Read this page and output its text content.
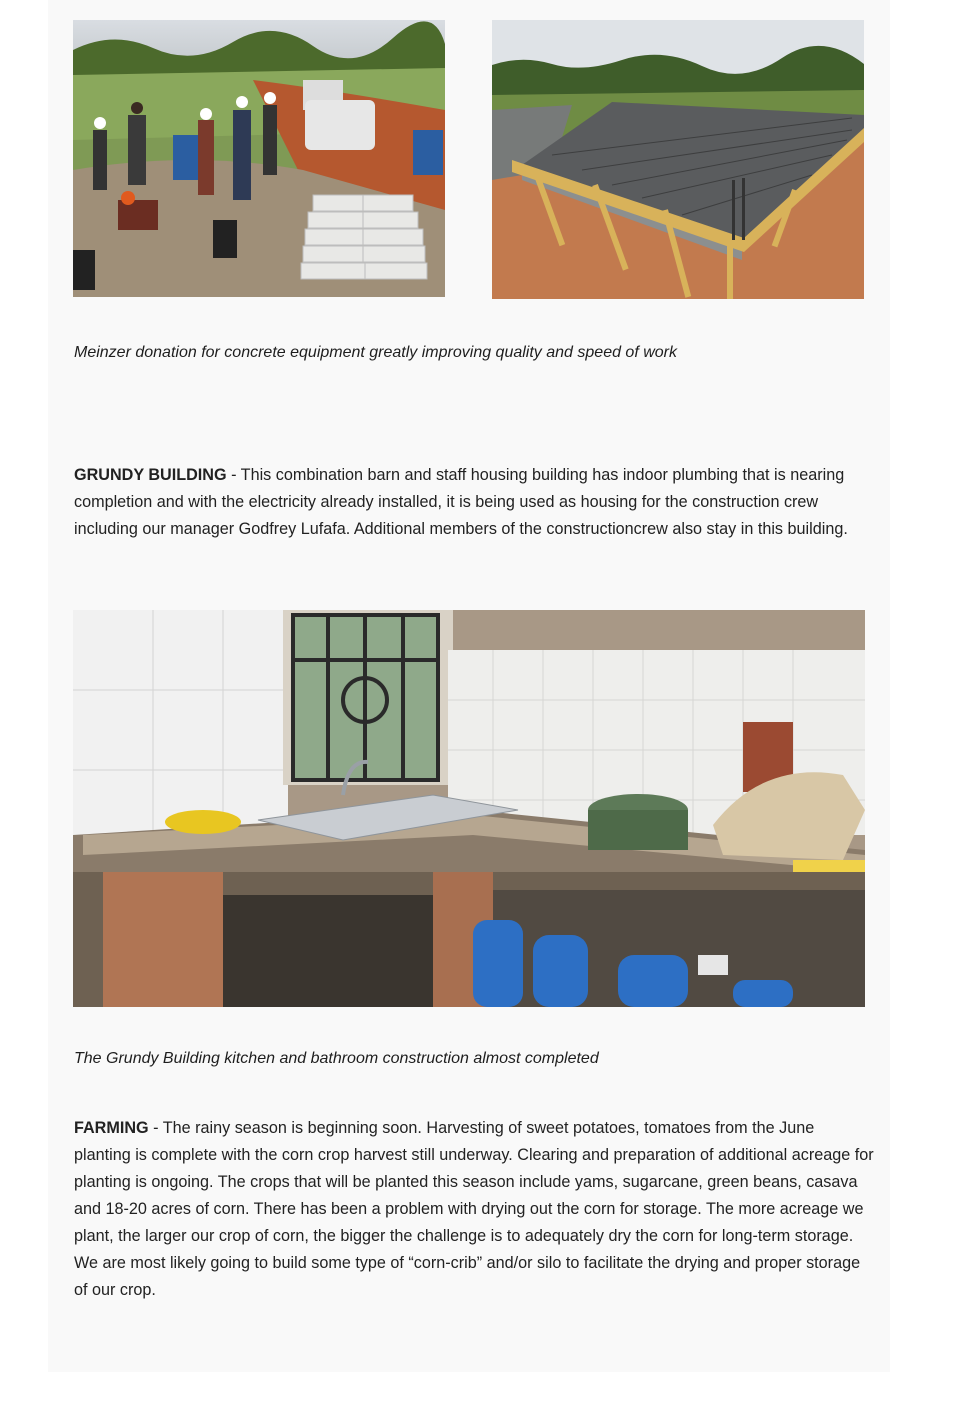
Meinzer donation for concrete equipment greatly improving quality and speed of work

GRUNDY BUILDING - This combination barn and staff housing building has indoor plumbing that is nearing completion and with the electricity already installed, it is being used as housing for the construction crew including our manager Godfrey Lufafa. Additional members of the constructioncrew also stay in this building.

The Grundy Building kitchen and bathroom construction almost completed

FARMING - The rainy season is beginning soon. Harvesting of sweet potatoes, tomatoes from the June planting is complete with the corn crop harvest still underway. Clearing and preparation of additional acreage for planting is ongoing. The crops that will be planted this season include yams, sugarcane, green beans, casava and 18-20 acres of corn. There has been a problem with drying out the corn for storage. The more acreage we plant, the larger our crop of corn, the bigger the challenge is to adequately dry the corn for long-term storage. We are most likely going to build some type of “corn-crib” and/or silo to facilitate the drying and proper storage of our crop.
